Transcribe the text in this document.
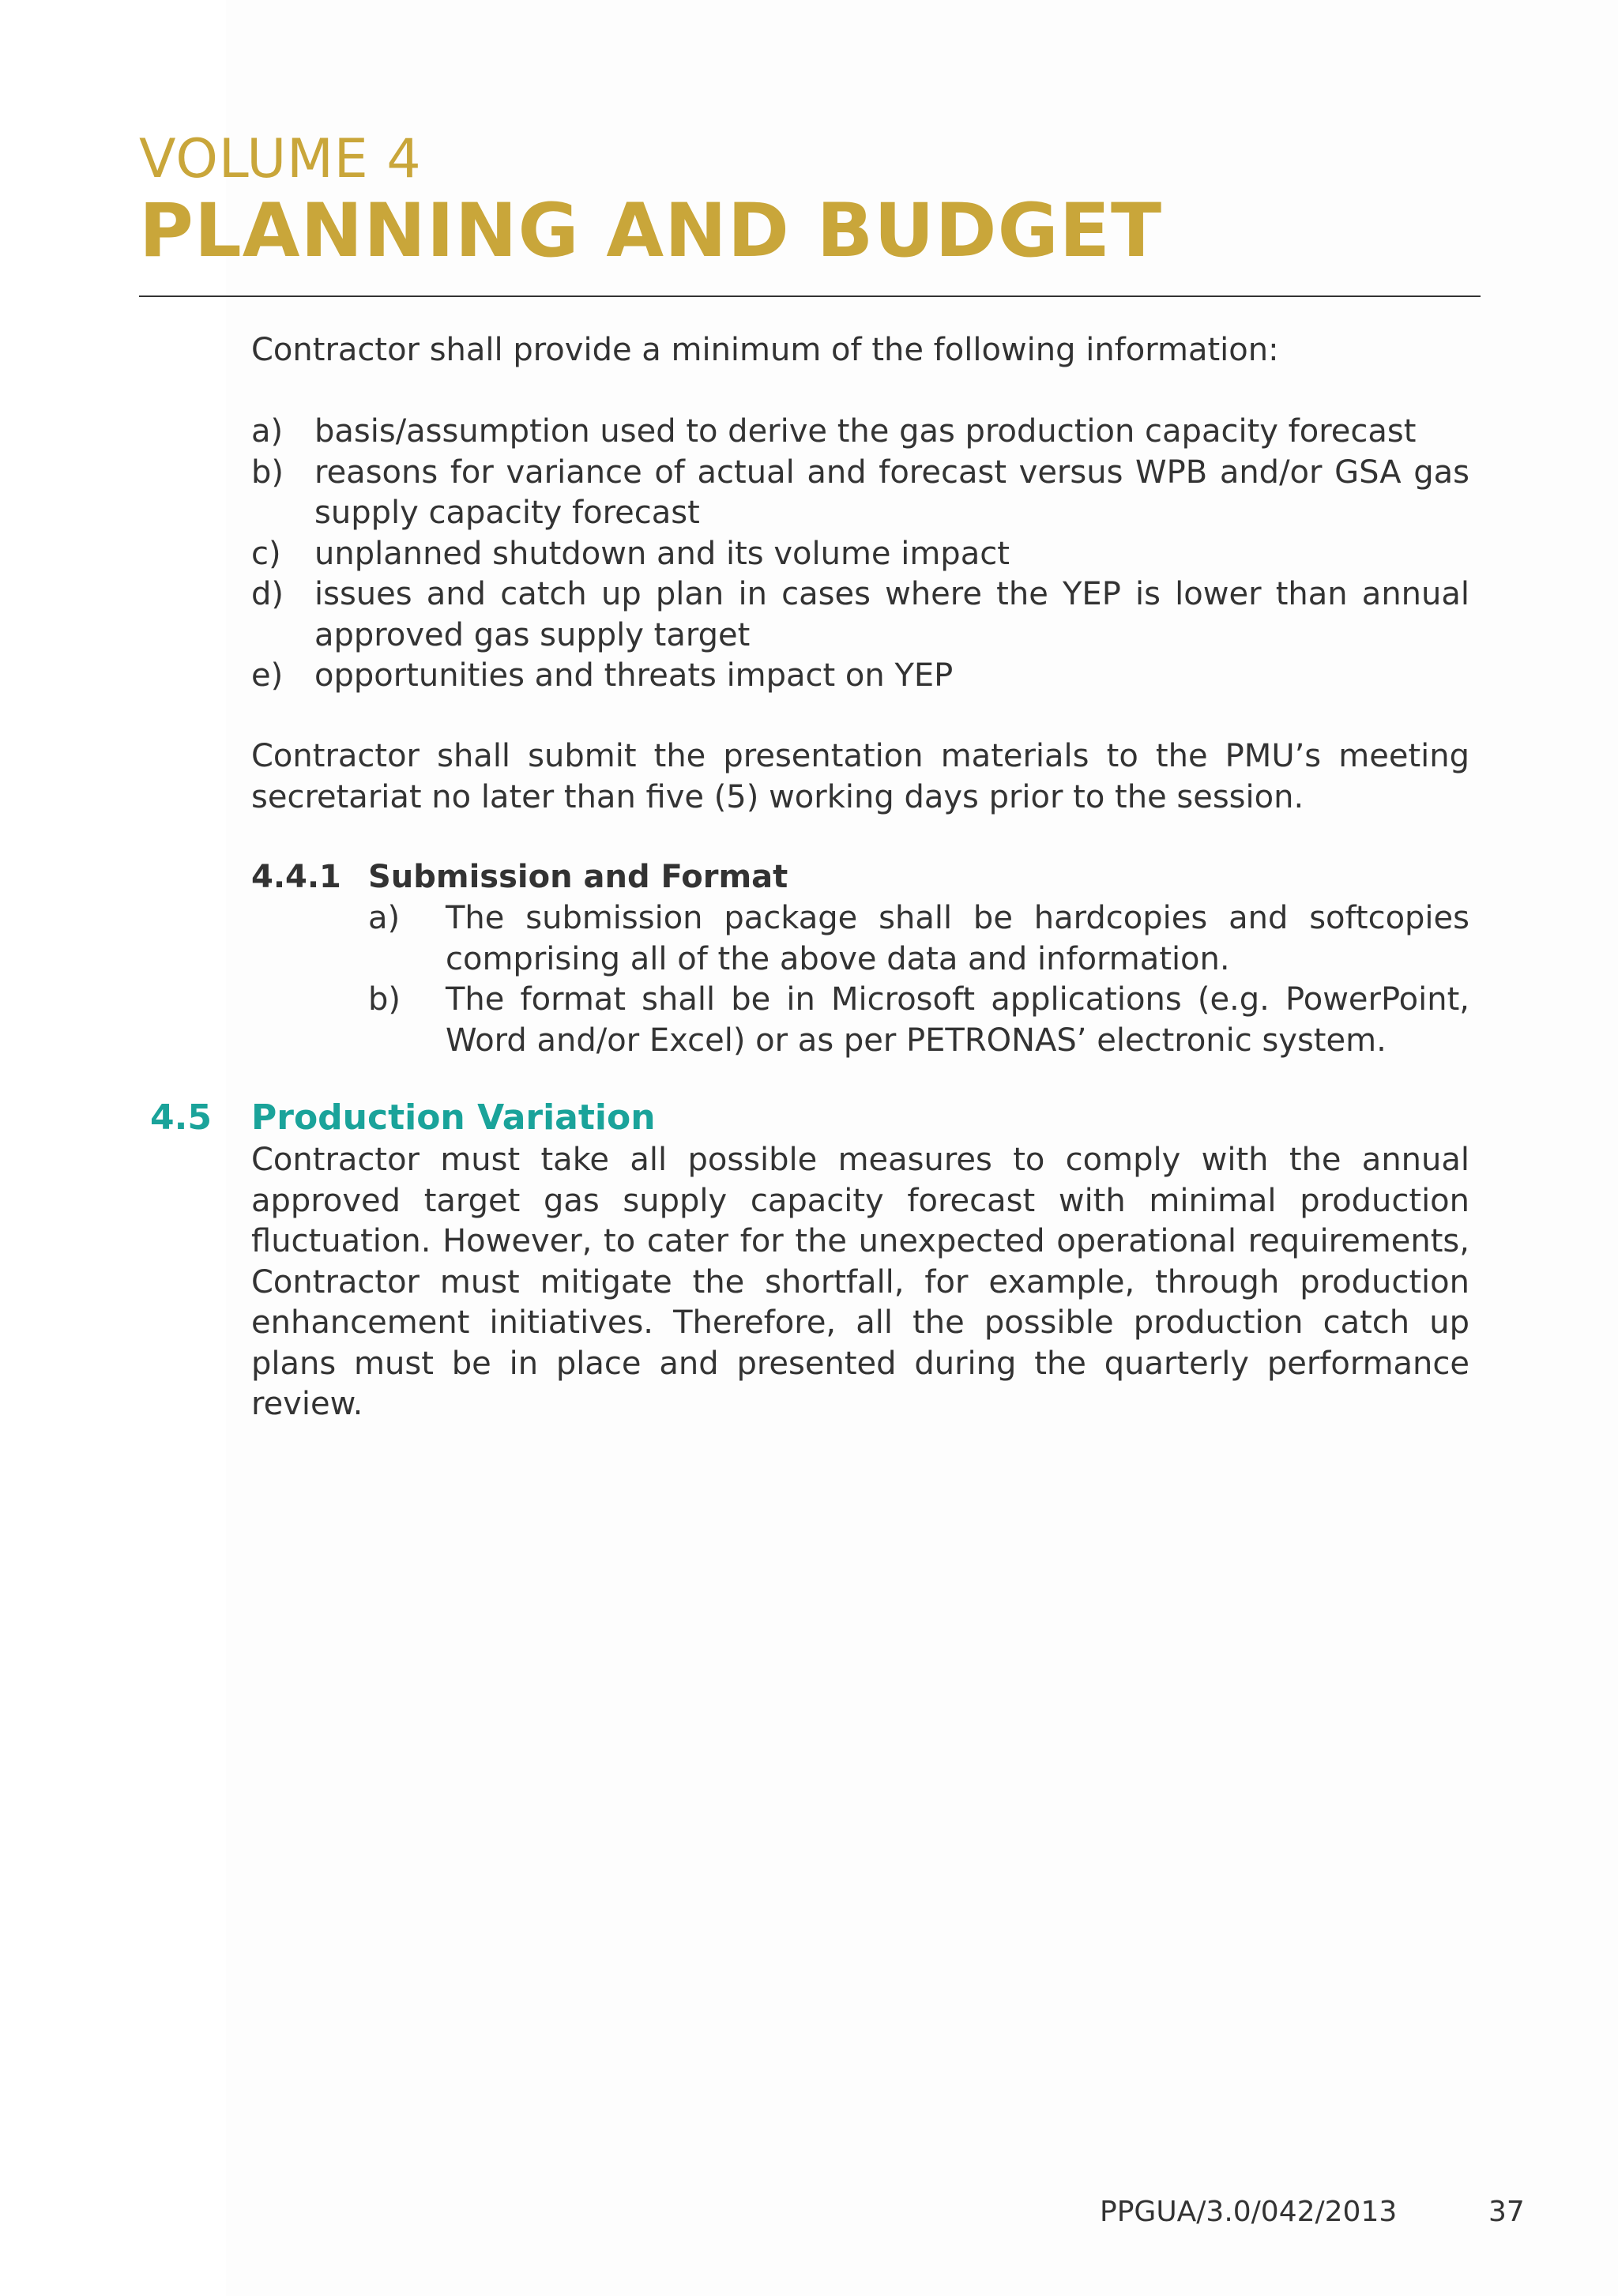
VOLUME 4
PLANNING AND BUDGET

Contractor shall provide a minimum of the following information:

a) basis/assumption used to derive the gas production capacity forecast
b) reasons for variance of actual and forecast versus WPB and/or GSA gas supply capacity forecast
c)	unplanned shutdown and its volume impact
d) issues and catch up plan in cases where the YEP is lower than annual approved gas supply target
e) opportunities and threats impact on YEP

Contractor shall submit the presentation materials to the PMU’s meeting secretariat no later than five (5) working days prior to the session.

4.4.1 Submission and Format
a)	The submission package shall be hardcopies and softcopies comprising all of the above data and information.
b)	The format shall be in Microsoft applications (e.g. PowerPoint, Word and/or Excel) or as per PETRONAS’ electronic system.
4.5	Production Variation

Contractor must take all possible measures to comply with the annual approved target gas supply capacity forecast with minimal production fluctuation. However, to cater for the unexpected operational requirements, Contractor must mitigate the shortfall, for example, through production enhancement initiatives. Therefore, all the possible production catch up plans must be in place and presented during the quarterly performance review.

PPGUA/3.0/042/2013	37
